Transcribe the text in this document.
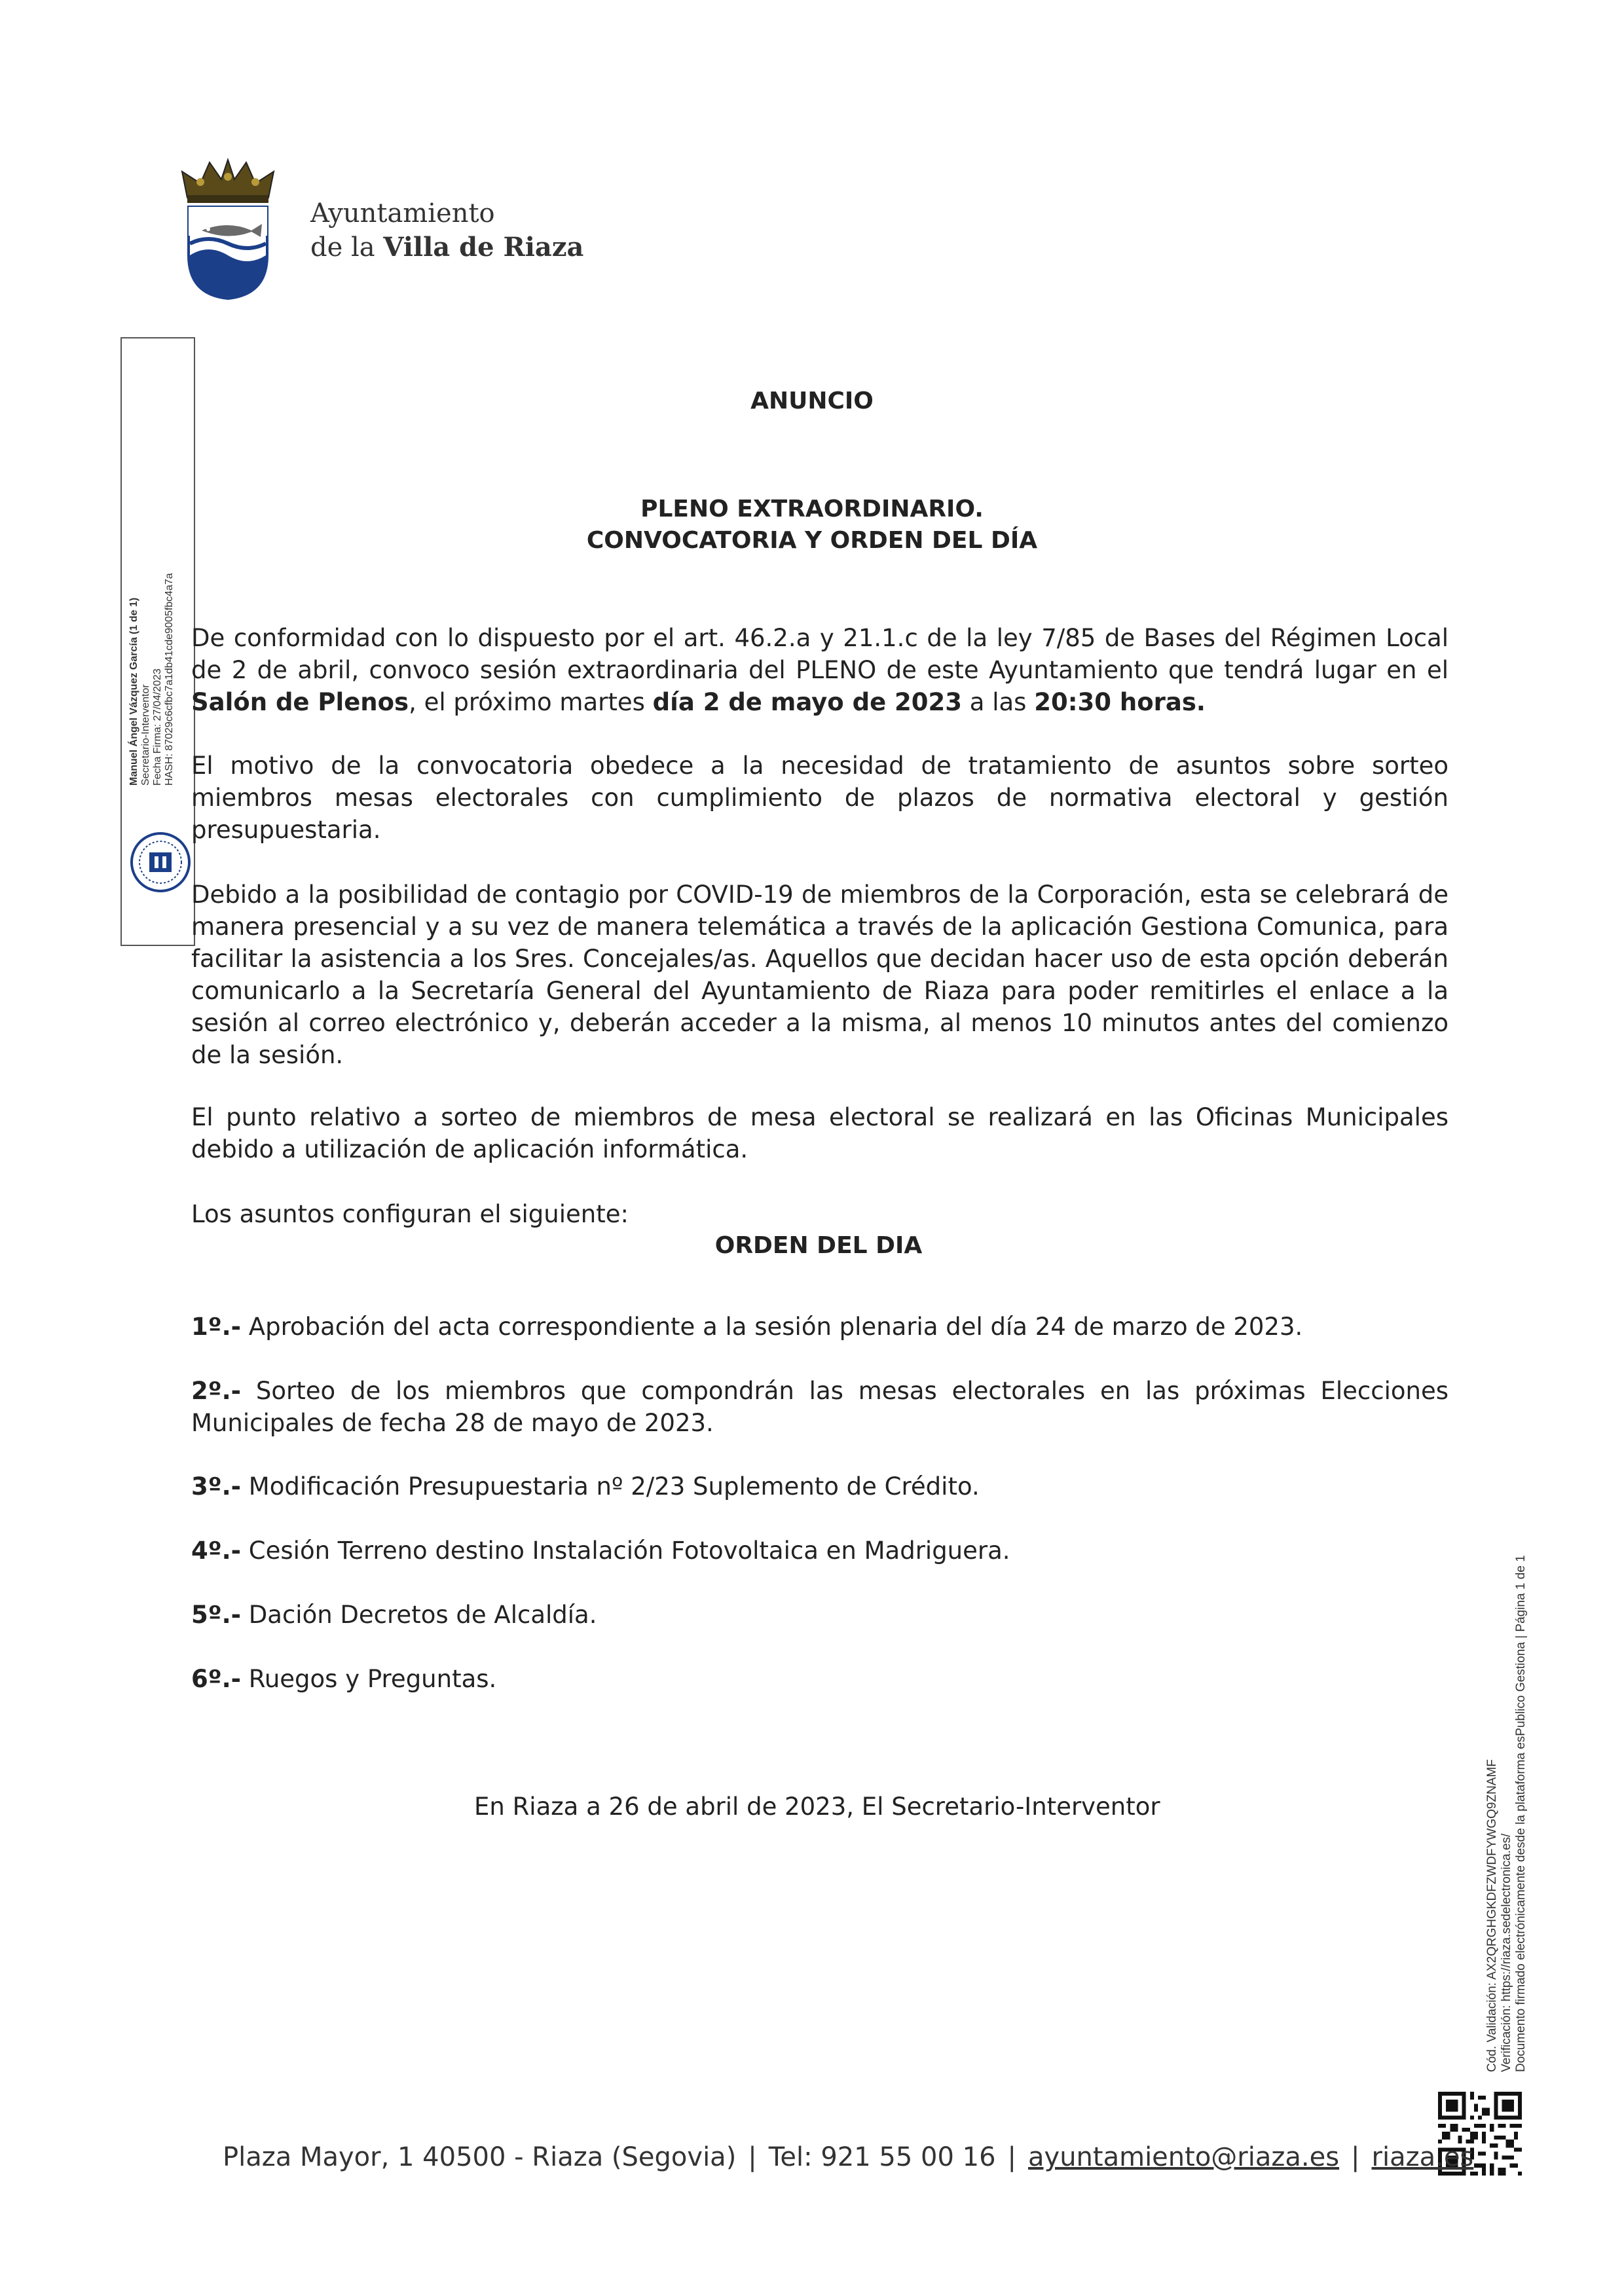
Ayuntamiento
de la Villa de Riaza
Manuel Ángel Vázquez García (1 de 1) Secretario-Interventor Fecha Firma: 27/04/2023 HASH: 87029c6cfbc7a1db41cde9005fbc4a7a
ANUNCIO
PLENO EXTRAORDINARIO.
CONVOCATORIA Y ORDEN DEL DÍA

De conformidad con lo dispuesto por el art. 46.2.a y 21.1.c de la ley 7/85 de Bases del Régimen Local de 2 de abril, convoco sesión extraordinaria del PLENO de este Ayuntamiento que tendrá lugar en el Salón de Plenos, el próximo martes día 2 de mayo de 2023 a las 20:30 horas.

El motivo de la convocatoria obedece a la necesidad de tratamiento de asuntos sobre sorteo miembros mesas electorales con cumplimiento de plazos de normativa electoral y gestión presupuestaria.

Debido a la posibilidad de contagio por COVID-19 de miembros de la Corporación, esta se celebrará de manera presencial y a su vez de manera telemática a través de la aplicación Gestiona Comunica, para facilitar la asistencia a los Sres. Concejales/as. Aquellos que decidan hacer uso de esta opción deberán comunicarlo a la Secretaría General del Ayuntamiento de Riaza para poder remitirles el enlace a la sesión al correo electrónico y, deberán acceder a la misma, al menos 10 minutos antes del comienzo de la sesión.

El punto relativo a sorteo de miembros de mesa electoral se realizará en las Oficinas Municipales debido a utilización de aplicación informática.

Los asuntos configuran el siguiente:

ORDEN DEL DIA

1º.- Aprobación del acta correspondiente a la sesión plenaria del día 24 de marzo de 2023.

2º.- Sorteo de los miembros que compondrán las mesas electorales en las próximas Elecciones Municipales de fecha 28 de mayo de 2023.

3º.- Modificación Presupuestaria nº 2/23 Suplemento de Crédito.

4º.- Cesión Terreno destino Instalación Fotovoltaica en Madriguera.

5º.- Dación Decretos de Alcaldía.

6º.- Ruegos y Preguntas.

En Riaza a 26 de abril de 2023, El Secretario-Interventor	Cód. Validación: AX2QRGHGKDFZWDFYWGQ9ZNAMF Verificación: https://riaza.sedelectronica.es/ Documento firmado electrónicamente desde la plataforma esPublico Gestiona | Página 1 de 1
Plaza Mayor, 1 40500 - Riaza (Segovia) | Tel: 921 55 00 16 | ayuntamiento@riaza.es | riaza.es
